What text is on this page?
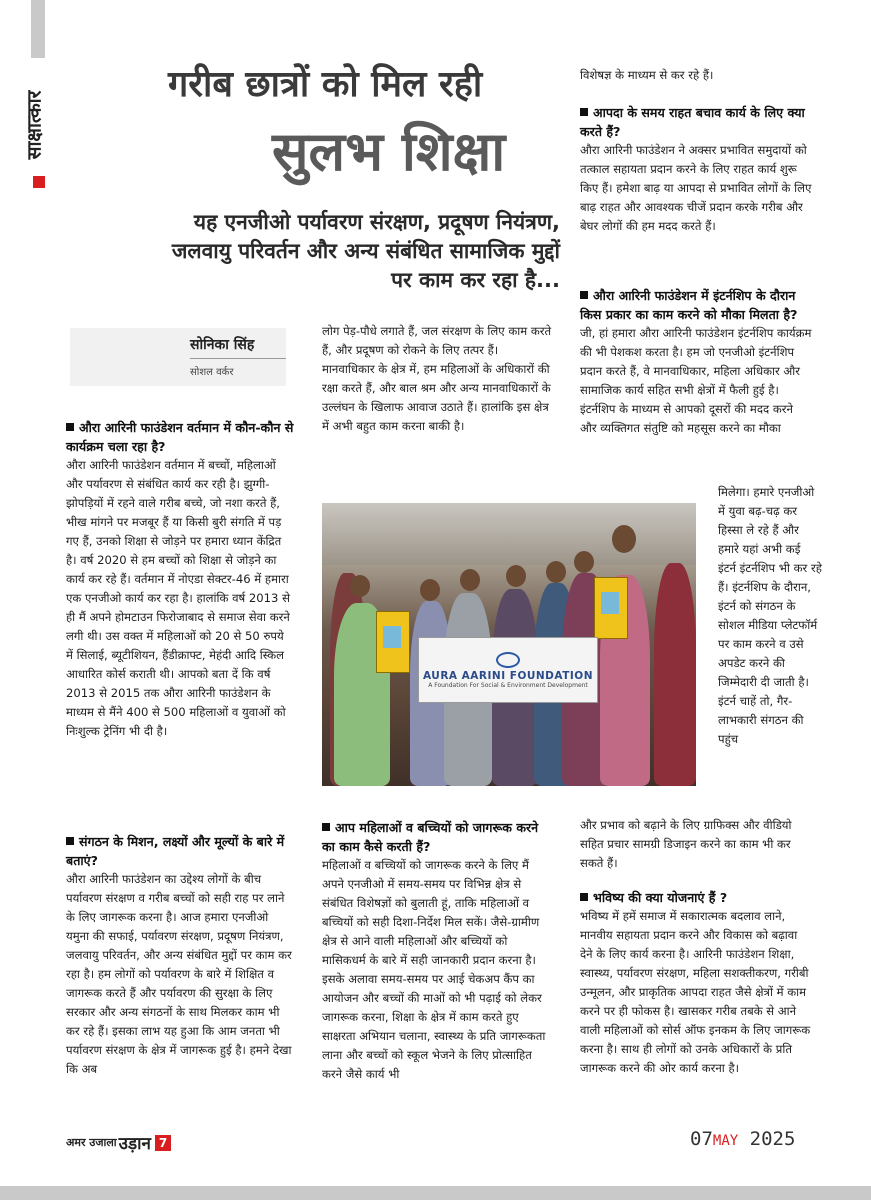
साक्षात्कार
गरीब छात्रों को मिल रही
सुलभ शिक्षा
यह एनजीओ पर्यावरण संरक्षण, प्रदूषण नियंत्रण, जलवायु परिवर्तन और अन्य संबंधित सामाजिक मुद्दों पर काम कर रहा है...
सोनिका सिंह
सोशल वर्कर

औरा आरिनी फाउंडेशन वर्तमान में कौन-कौन से कार्यक्रम चला रहा है?

औरा आरिनी फाउंडेशन वर्तमान में बच्चों, महिलाओं और पर्यावरण से संबंधित कार्य कर रही है। झुग्गी-झोपड़ियों में रहने वाले गरीब बच्चे, जो नशा करते हैं, भीख मांगने पर मजबूर हैं या किसी बुरी संगति में पड़ गए हैं, उनको शिक्षा से जोड़ने पर हमारा ध्यान केंद्रित है। वर्ष 2020 से हम बच्चों को शिक्षा से जोड़ने का कार्य कर रहे हैं। वर्तमान में नोएडा सेक्टर-46 में हमारा एक एनजीओ कार्य कर रहा है। हालांकि वर्ष 2013 से ही मैं अपने होमटाउन फिरोजाबाद से समाज सेवा करने लगी थी। उस वक्त में महिलाओं को 20 से 50 रुपये में सिलाई, ब्यूटीशियन, हैंडीक्राफ्ट, मेहंदी आदि स्किल आधारित कोर्स कराती थी। आपको बता दें कि वर्ष 2013 से 2015 तक औरा आरिनी फाउंडेशन के माध्यम से मैंने 400 से 500 महिलाओं व युवाओं को निःशुल्क ट्रेनिंग भी दी है।

संगठन के मिशन, लक्ष्यों और मूल्यों के बारे में बताएं?

औरा आरिनी फाउंडेशन का उद्देश्य लोगों के बीच पर्यावरण संरक्षण व गरीब बच्चों को सही राह पर लाने के लिए जागरूक करना है। आज हमारा एनजीओ यमुना की सफाई, पर्यावरण संरक्षण, प्रदूषण नियंत्रण, जलवायु परिवर्तन, और अन्य संबंधित मुद्दों पर काम कर रहा है। हम लोगों को पर्यावरण के बारे में शिक्षित व जागरूक करते हैं और पर्यावरण की सुरक्षा के लिए सरकार और अन्य संगठनों के साथ मिलकर काम भी कर रहे हैं। इसका लाभ यह हुआ कि आम जनता भी पर्यावरण संरक्षण के क्षेत्र में जागरूक हुई है। हमने देखा कि अब

लोग पेड़-पौधे लगाते हैं, जल संरक्षण के लिए काम करते हैं, और प्रदूषण को रोकने के लिए तत्पर हैं। मानवाधिकार के क्षेत्र में, हम महिलाओं के अधिकारों की रक्षा करते हैं, और बाल श्रम और अन्य मानवाधिकारों के उल्लंघन के खिलाफ आवाज उठाते हैं। हालांकि इस क्षेत्र में अभी बहुत काम करना बाकी है।

AURA AARINI FOUNDATION
A Foundation For Social & Environment Development

आप महिलाओं व बच्चियों को जागरूक करने का काम कैसे करती हैं?

महिलाओं व बच्चियों को जागरूक करने के लिए मैं अपने एनजीओ में समय-समय पर विभिन्न क्षेत्र से संबंधित विशेषज्ञों को बुलाती हूं, ताकि महिलाओं व बच्चियों को सही दिशा-निर्देश मिल सकें। जैसे-ग्रामीण क्षेत्र से आने वाली महिलाओं और बच्चियों को मासिकधर्म के बारे में सही जानकारी प्रदान करना है। इसके अलावा समय-समय पर आई चेकअप कैंप का आयोजन और बच्चों की माओं को भी पढ़ाई को लेकर जागरूक करना, शिक्षा के क्षेत्र में काम करते हुए साक्षरता अभियान चलाना, स्वास्थ्य के प्रति जागरूकता लाना और बच्चों को स्कूल भेजने के लिए प्रोत्साहित करने जैसे कार्य भी

विशेषज्ञ के माध्यम से कर रहे हैं।

आपदा के समय राहत बचाव कार्य के लिए क्या करते हैं?

औरा आरिनी फाउंडेशन ने अक्सर प्रभावित समुदायों को तत्काल सहायता प्रदान करने के लिए राहत कार्य शुरू किए हैं। हमेशा बाढ़ या आपदा से प्रभावित लोगों के लिए बाढ़ राहत और आवश्यक चीजें प्रदान करके गरीब और बेघर लोगों की हम मदद करते हैं।

औरा आरिनी फाउंडेशन में इंटर्नशिप के दौरान किस प्रकार का काम करने को मौका मिलता है?

जी, हां हमारा औरा आरिनी फाउंडेशन इंटर्नशिप कार्यक्रम की भी पेशकश करता है। हम जो एनजीओ इंटर्नशिप प्रदान करते हैं, वे मानवाधिकार, महिला अधिकार और सामाजिक कार्य सहित सभी क्षेत्रों में फैली हुई है। इंटर्नशिप के माध्यम से आपको दूसरों की मदद करने और व्यक्तिगत संतुष्टि को महसूस करने का मौका

मिलेगा। हमारे एनजीओ में युवा बढ़-चढ़ कर हिस्सा ले रहे हैं और हमारे यहां अभी कई इंटर्न इंटर्नशिप भी कर रहे हैं। इंटर्नशिप के दौरान, इंटर्न को संगठन के सोशल मीडिया प्लेटफॉर्म पर काम करने व उसे अपडेट करने की जिम्मेदारी दी जाती है। इंटर्न चाहें तो, गैर-लाभकारी संगठन की पहुंच

और प्रभाव को बढ़ाने के लिए ग्राफिक्स और वीडियो सहित प्रचार सामग्री डिजाइन करने का काम भी कर सकते हैं।

भविष्य की क्या योजनाएं हैं ?

भविष्य में हमें समाज में सकारात्मक बदलाव लाने, मानवीय सहायता प्रदान करने और विकास को बढ़ावा देने के लिए कार्य करना है। आरिनी फाउंडेशन शिक्षा, स्वास्थ्य, पर्यावरण संरक्षण, महिला सशक्तीकरण, गरीबी उन्मूलन, और प्राकृतिक आपदा राहत जैसे क्षेत्रों में काम करने पर ही फोकस है। खासकर गरीब तबके से आने वाली महिलाओं को सोर्स ऑफ इनकम के लिए जागरूक करना है। साथ ही लोगों को उनके अधिकारों के प्रति जागरूक करने की ओर कार्य करना है।

अमर उजाला उड़ान 7	07MAY 2025
